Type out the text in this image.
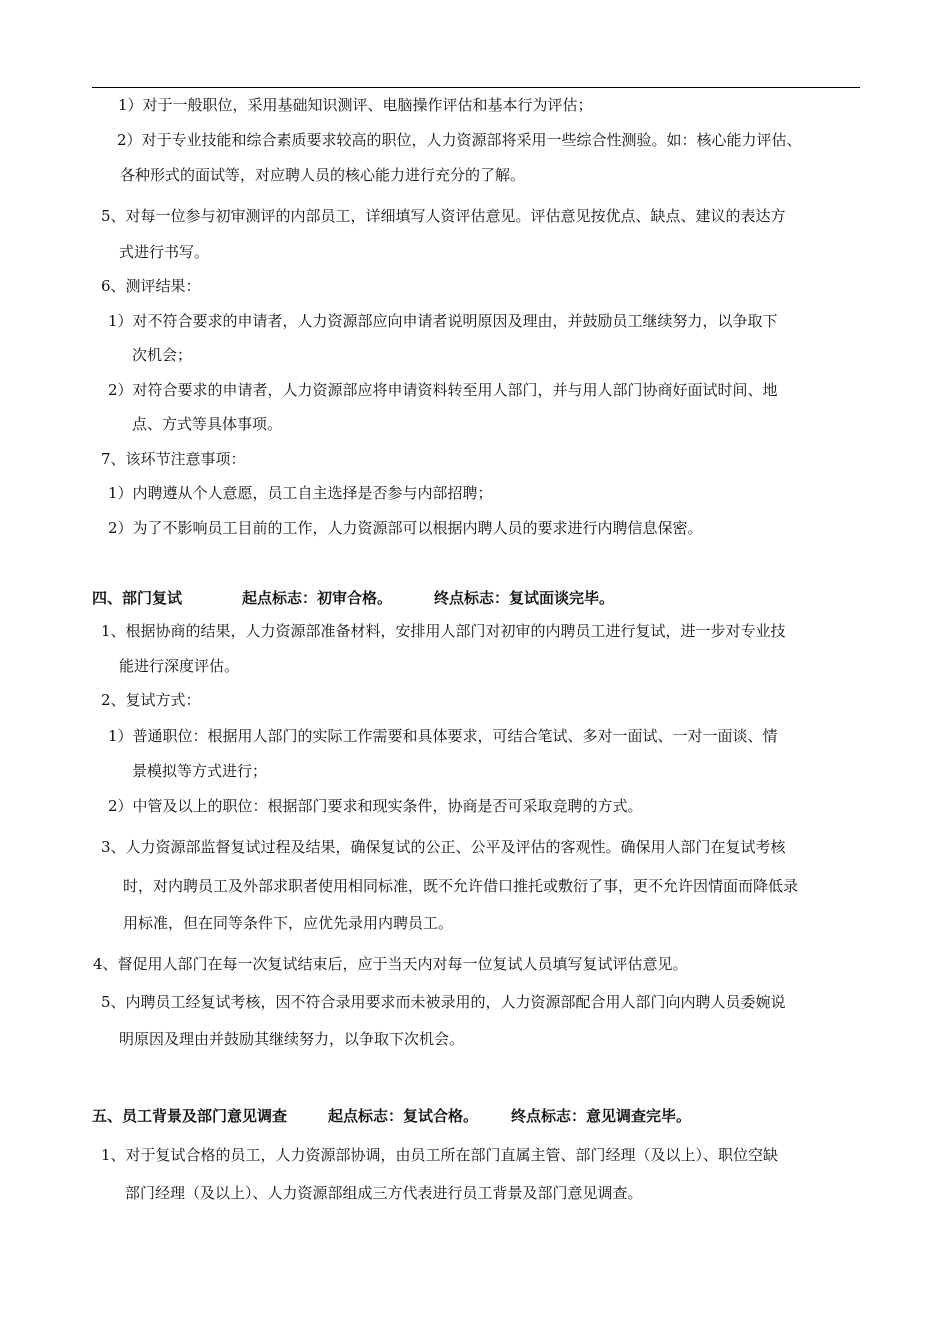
1）对于一般职位，采用基础知识测评、电脑操作评估和基本行为评估；
2）对于专业技能和综合素质要求较高的职位，人力资源部将采用一些综合性测验。如：核心能力评估、
各种形式的面试等，对应聘人员的核心能力进行充分的了解。
5、对每一位参与初审测评的内部员工，详细填写人资评估意见。评估意见按优点、缺点、建议的表达方
式进行书写。
6、测评结果：
1）对不符合要求的申请者，人力资源部应向申请者说明原因及理由，并鼓励员工继续努力，以争取下
次机会；
2）对符合要求的申请者，人力资源部应将申请资料转至用人部门，并与用人部门协商好面试时间、地
点、方式等具体事项。
7、该环节注意事项：
1）内聘遵从个人意愿，员工自主选择是否参与内部招聘；
2）为了不影响员工目前的工作，人力资源部可以根据内聘人员的要求进行内聘信息保密。
四、部门复试	起点标志：初审合格。	终点标志：复试面谈完毕。
1、根据协商的结果，人力资源部准备材料，安排用人部门对初审的内聘员工进行复试，进一步对专业技
能进行深度评估。
2、复试方式：
1）普通职位：根据用人部门的实际工作需要和具体要求，可结合笔试、多对一面试、一对一面谈、情
景模拟等方式进行；
2）中管及以上的职位：根据部门要求和现实条件，协商是否可采取竞聘的方式。
3、人力资源部监督复试过程及结果，确保复试的公正、公平及评估的客观性。确保用人部门在复试考核
时，对内聘员工及外部求职者使用相同标准，既不允许借口推托或敷衍了事，更不允许因情面而降低录
用标准，但在同等条件下，应优先录用内聘员工。
4、督促用人部门在每一次复试结束后，应于当天内对每一位复试人员填写复试评估意见。
5、内聘员工经复试考核，因不符合录用要求而未被录用的，人力资源部配合用人部门向内聘人员委婉说
明原因及理由并鼓励其继续努力，以争取下次机会。
五、员工背景及部门意见调查	起点标志：复试合格。 终点标志：意见调查完毕。
1、对于复试合格的员工，人力资源部协调，由员工所在部门直属主管、部门经理（及以上）、职位空缺
部门经理（及以上）、人力资源部组成三方代表进行员工背景及部门意见调查。
